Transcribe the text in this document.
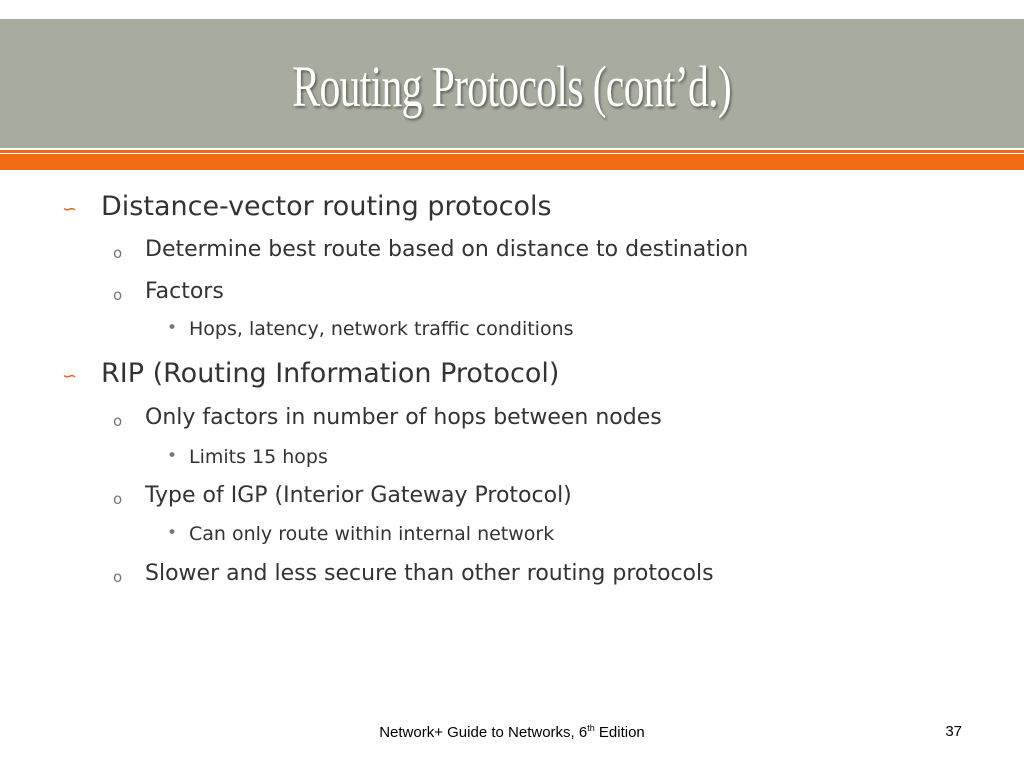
Routing Protocols (cont’d.)
∽ Distance-vector routing protocols
o Determine best route based on distance to destination
o Factors
• Hops, latency, network traffic conditions
∽ RIP (Routing Information Protocol)
o Only factors in number of hops between nodes
• Limits 15 hops
o Type of IGP (Interior Gateway Protocol)
• Can only route within internal network
o Slower and less secure than other routing protocols
Network+ Guide to Networks, 6th Edition	37
